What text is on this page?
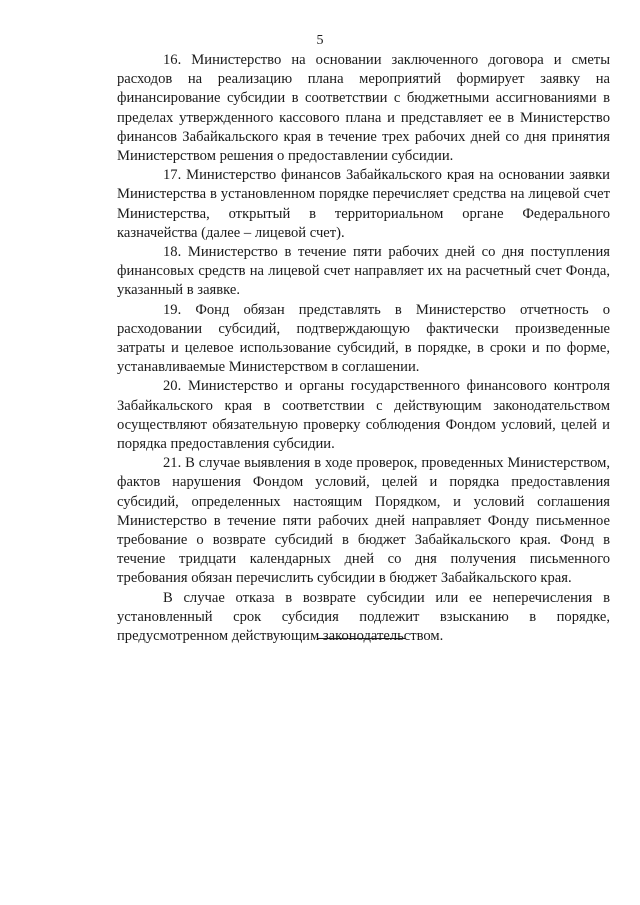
5

16. Министерство на основании заключенного договора и сметы расходов на реализацию плана мероприятий формирует заявку на финансирование субсидии в соответствии с бюджетными ассигнованиями в пределах утвержденного кассового плана и представляет ее в Министерство финансов Забайкальского края в течение трех рабочих дней со дня принятия Министерством решения о предоставлении субсидии.

17. Министерство финансов Забайкальского края на основании заявки Министерства в установленном порядке перечисляет средства на лицевой счет Министерства, открытый в территориальном органе Федерального казначейства (далее – лицевой счет).

18. Министерство в течение пяти рабочих дней со дня поступления финансовых средств на лицевой счет направляет их на расчетный счет Фонда, указанный в заявке.

19. Фонд обязан представлять в Министерство отчетность о расходовании субсидий, подтверждающую фактически произведенные затраты и целевое использование субсидий, в порядке, в сроки и по форме, устанавливаемые Министерством в соглашении.

20. Министерство и органы государственного финансового контроля Забайкальского края в соответствии с действующим законодательством осуществляют обязательную проверку соблюдения Фондом условий, целей и порядка предоставления субсидии.

21. В случае выявления в ходе проверок, проведенных Министерством, фактов нарушения Фондом условий, целей и порядка предоставления субсидий, определенных настоящим Порядком, и условий соглашения Министерство в течение пяти рабочих дней направляет Фонду письменное требование о возврате субсидий в бюджет Забайкальского края. Фонд в течение тридцати календарных дней со дня получения письменного требования обязан перечислить субсидии в бюджет Забайкальского края.

В случае отказа в возврате субсидии или ее неперечисления в установленный срок субсидия подлежит взысканию в порядке, предусмотренном действующим законодательством.
